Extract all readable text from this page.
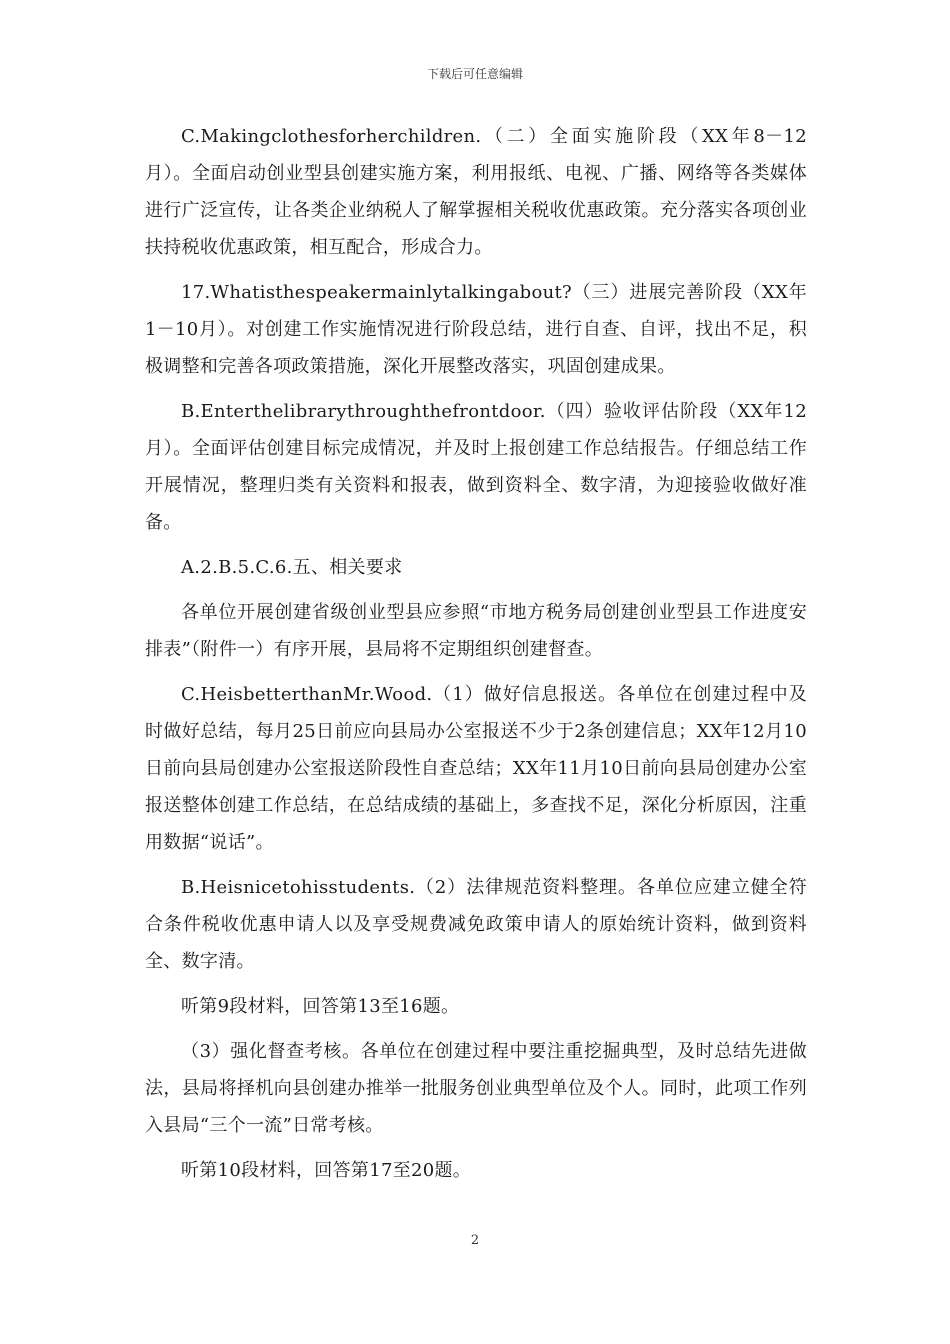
下载后可任意编辑

C.Makingclothesforherchildren.（二）全面实施阶段（XX年8－12月）。全面启动创业型县创建实施方案，利用报纸、电视、广播、网络等各类媒体进行广泛宣传，让各类企业纳税人了解掌握相关税收优惠政策。充分落实各项创业扶持税收优惠政策，相互配合，形成合力。

17.Whatisthespeakermainlytalkingabout?（三）进展完善阶段（XX年1－10月）。对创建工作实施情况进行阶段总结，进行自查、自评，找出不足，积极调整和完善各项政策措施，深化开展整改落实，巩固创建成果。

B.Enterthelibrarythroughthefrontdoor.（四）验收评估阶段（XX年12月）。全面评估创建目标完成情况，并及时上报创建工作总结报告。仔细总结工作开展情况，整理归类有关资料和报表，做到资料全、数字清，为迎接验收做好准备。

A.2.B.5.C.6.五、相关要求

各单位开展创建省级创业型县应参照“市地方税务局创建创业型县工作进度安排表”（附件一）有序开展，县局将不定期组织创建督查。

C.HeisbetterthanMr.Wood.（1）做好信息报送。各单位在创建过程中及时做好总结，每月25日前应向县局办公室报送不少于2条创建信息；XX年12月10日前向县局创建办公室报送阶段性自查总结；XX年11月10日前向县局创建办公室报送整体创建工作总结，在总结成绩的基础上，多查找不足，深化分析原因，注重用数据“说话”。

B.Heisnicetohisstudents.（2）法律规范资料整理。各单位应建立健全符合条件税收优惠申请人以及享受规费减免政策申请人的原始统计资料，做到资料全、数字清。

听第9段材料，回答第13至16题。

（3）强化督查考核。各单位在创建过程中要注重挖掘典型，及时总结先进做法，县局将择机向县创建办推举一批服务创业典型单位及个人。同时，此项工作列入县局“三个一流”日常考核。

听第10段材料，回答第17至20题。

2
